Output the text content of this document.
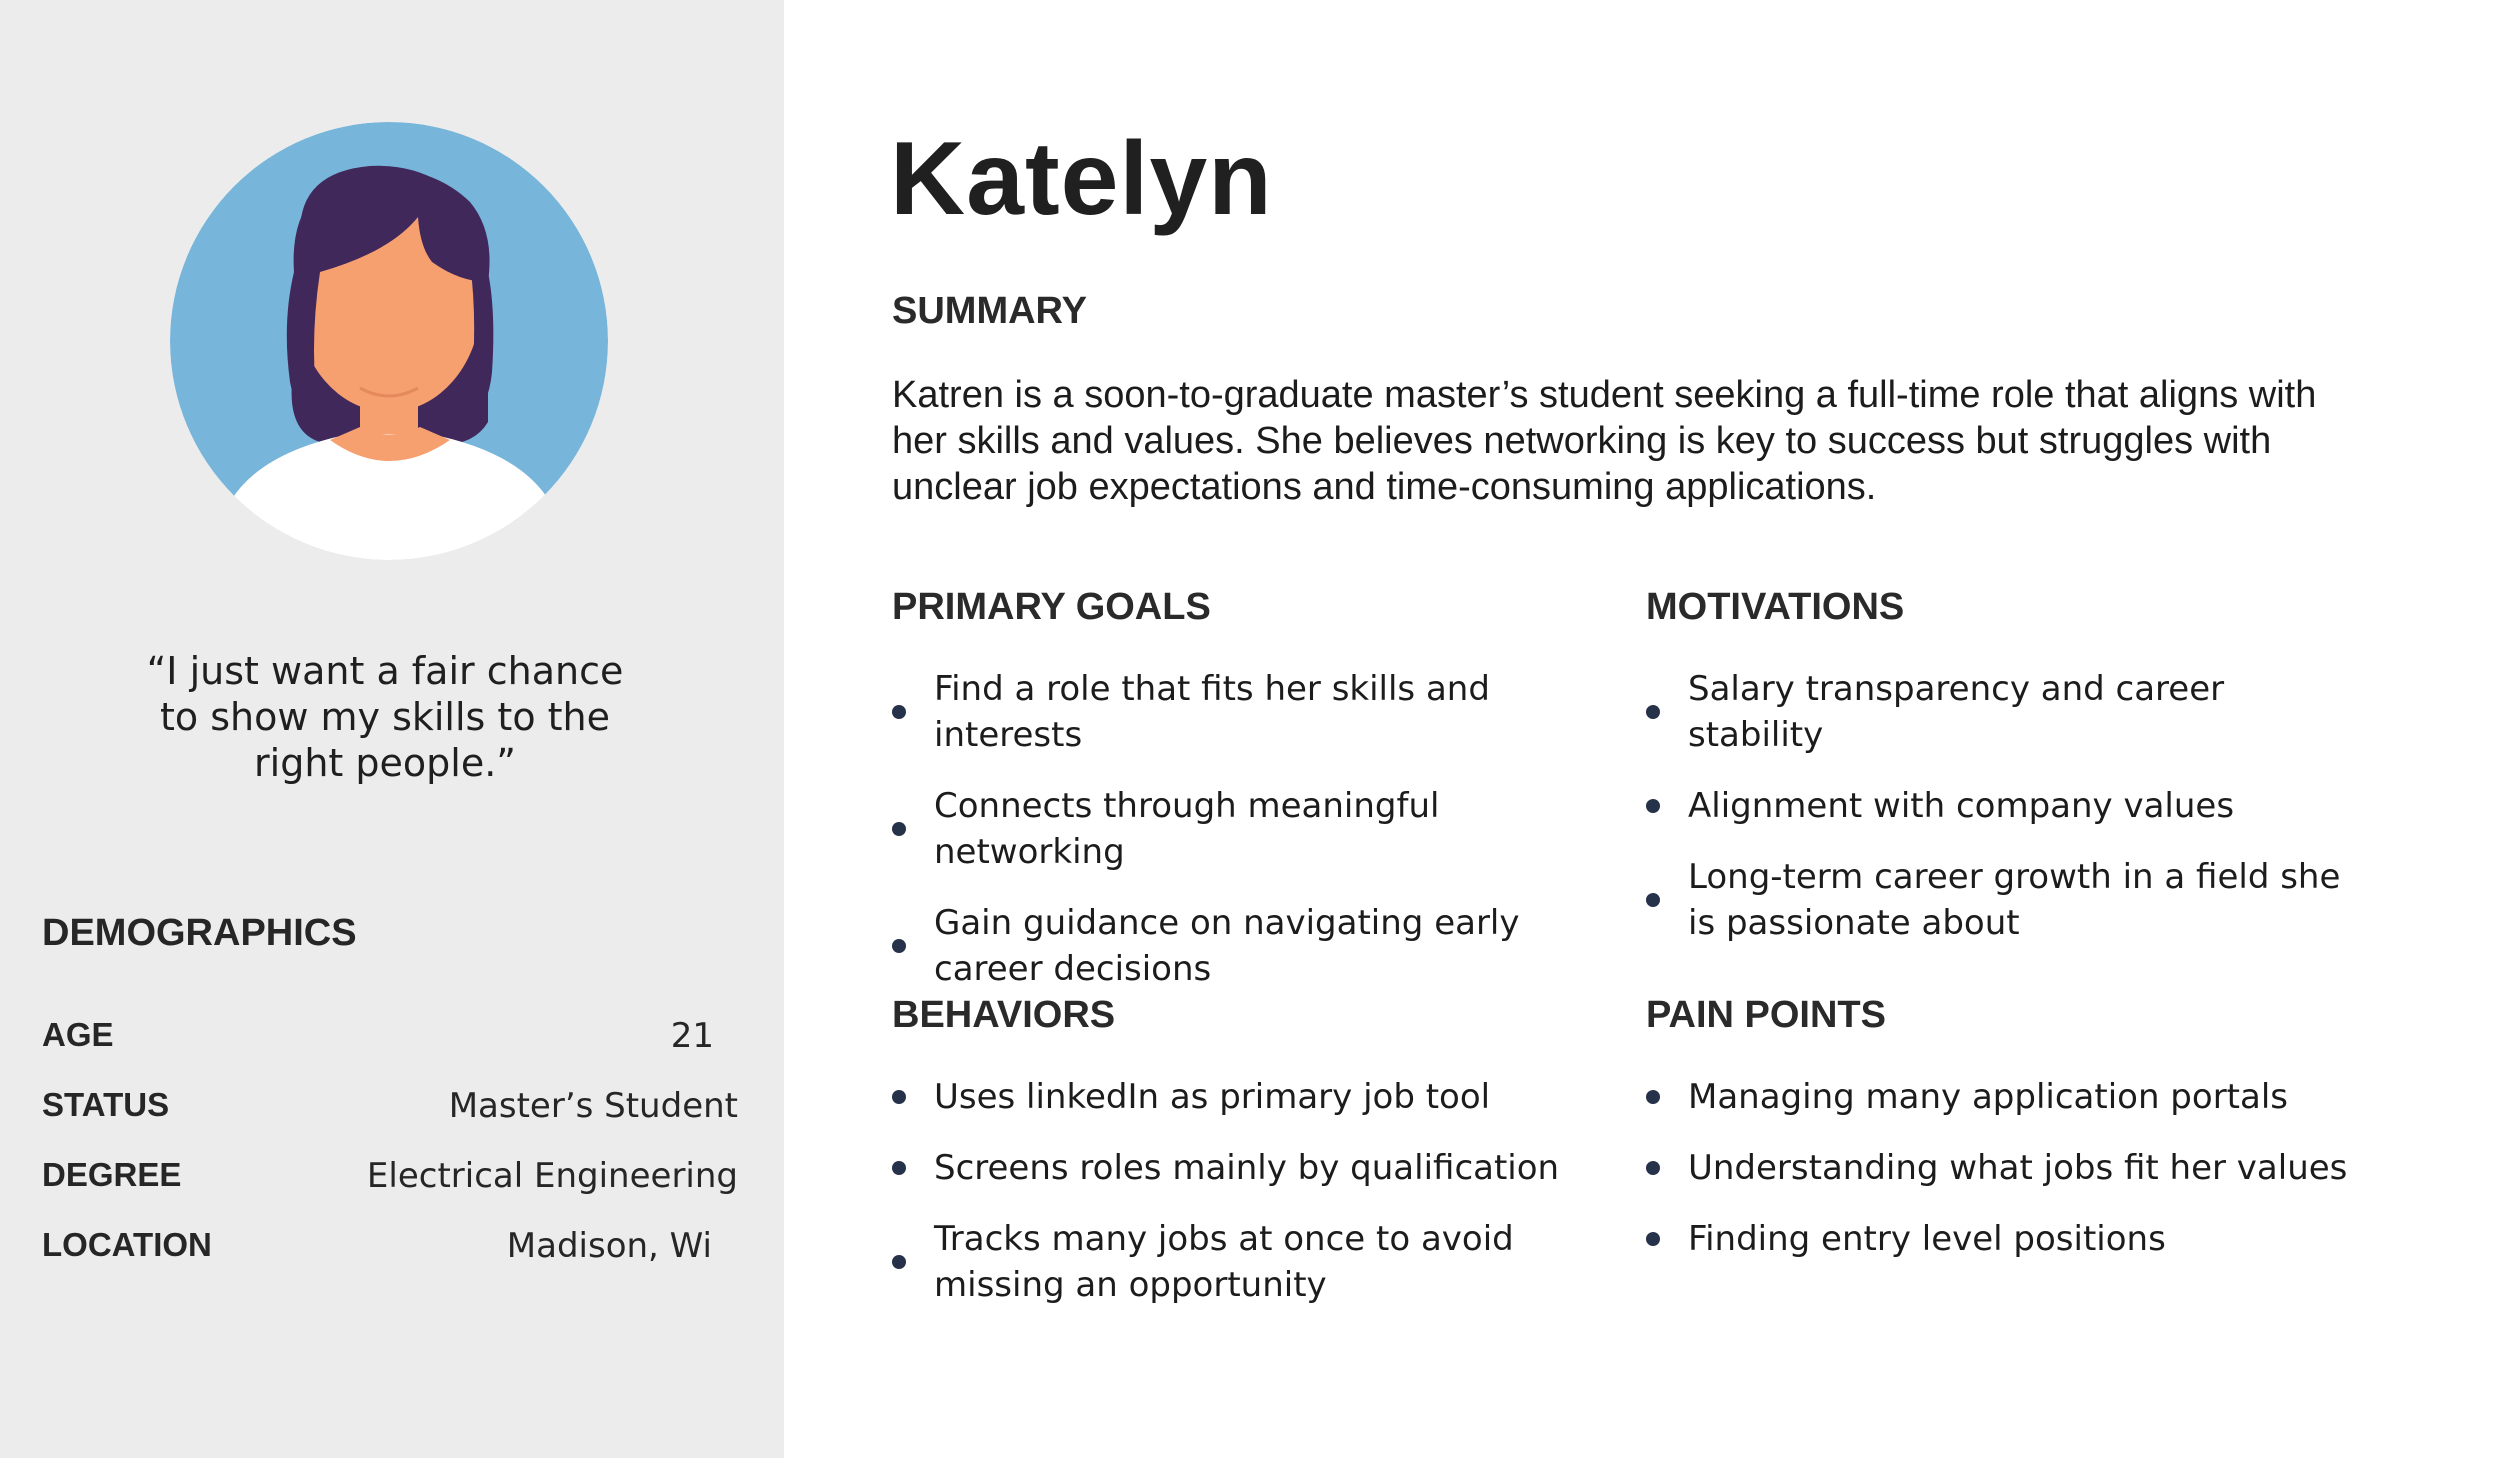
“I just want a fair chance to show my skills to the right people.”
DEMOGRAPHICS
AGE	21
STATUS	Master’s Student
DEGREE	Electrical Engineering
LOCATION	Madison, Wi
Katelyn
SUMMARY
Katren is a soon-to-graduate master’s student seeking a full-time role that aligns with her skills and values. She believes networking is key to success but struggles with unclear job expectations and time-consuming applications.
PRIMARY GOALS
Find a role that fits her skills and interests
Connects through meaningful networking
Gain guidance on navigating early career decisions
MOTIVATIONS
Salary transparency and career stability
Alignment with company values
Long-term career growth in a field she is passionate about
BEHAVIORS
Uses linkedIn as primary job tool
Screens roles mainly by qualification
Tracks many jobs at once to avoid missing an opportunity
PAIN POINTS
Managing many application portals
Understanding what jobs fit her values
Finding entry level positions
